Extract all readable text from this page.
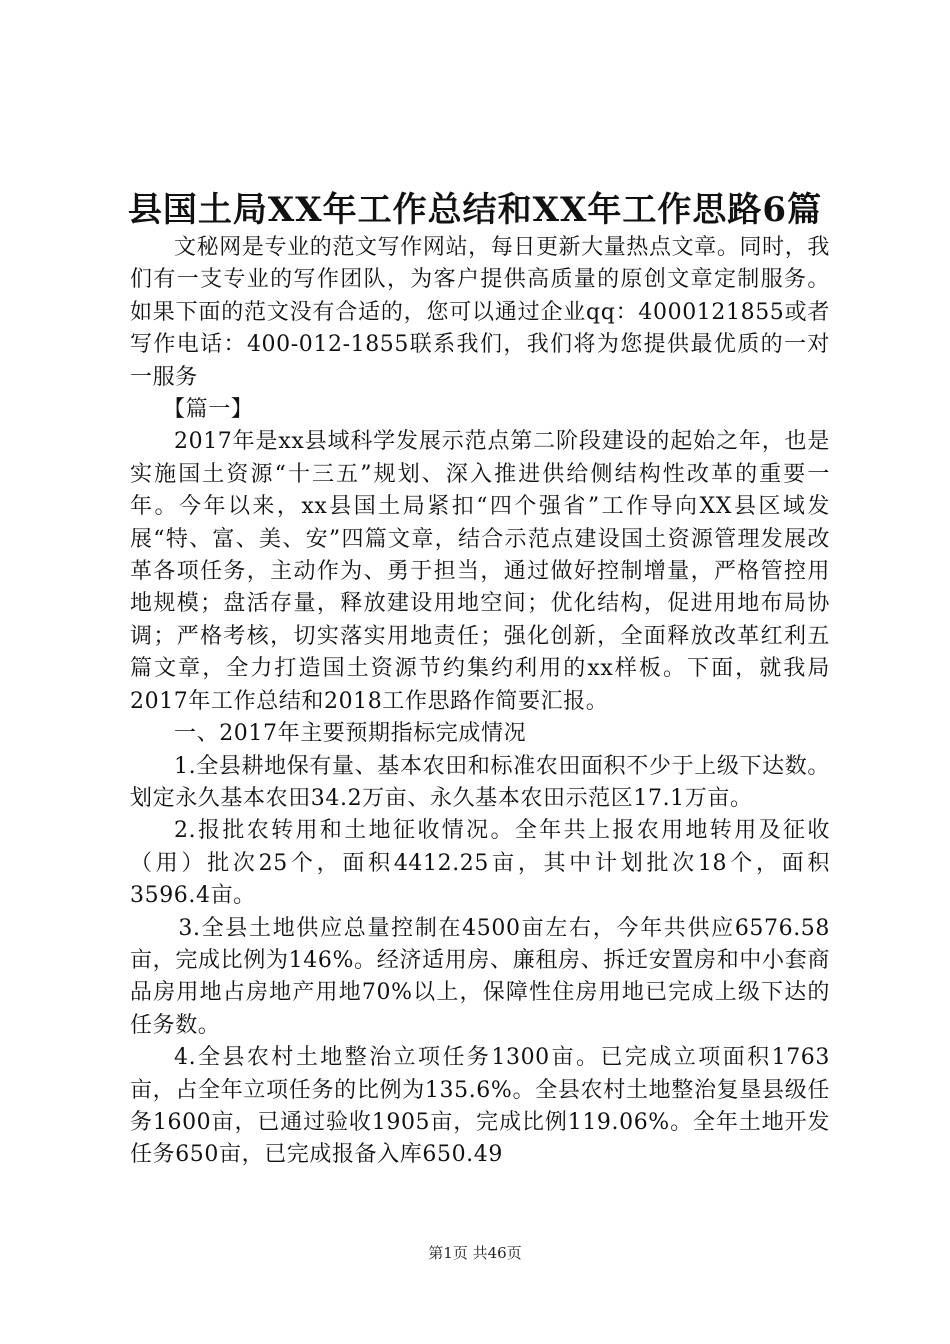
县国土局XX年工作总结和XX年工作思路6篇

文秘网是专业的范文写作网站，每日更新大量热点文章。同时，我们有一支专业的写作团队，为客户提供高质量的原创文章定制服务。如果下面的范文没有合适的，您可以通过企业qq：4000121855或者写作电话：400-012-1855联系我们，我们将为您提供最优质的一对一服务

【篇一】

2017年是xx县域科学发展示范点第二阶段建设的起始之年，也是实施国土资源“十三五”规划、深入推进供给侧结构性改革的重要一年。今年以来，xx县国土局紧扣“四个强省”工作导向XX县区域发展“特、富、美、安”四篇文章，结合示范点建设国土资源管理发展改革各项任务，主动作为、勇于担当，通过做好控制增量，严格管控用地规模；盘活存量，释放建设用地空间；优化结构，促进用地布局协调；严格考核，切实落实用地责任；强化创新，全面释放改革红利五篇文章，全力打造国土资源节约集约利用的xx样板。下面，就我局2017年工作总结和2018工作思路作简要汇报。

一、2017年主要预期指标完成情况

1.全县耕地保有量、基本农田和标准农田面积不少于上级下达数。划定永久基本农田34.2万亩、永久基本农田示范区17.1万亩。

2.报批农转用和土地征收情况。全年共上报农用地转用及征收（用）批次25个，面积4412.25亩，其中计划批次18个，面积3596.4亩。

3.全县土地供应总量控制在4500亩左右，今年共供应6576.58亩，完成比例为146%。经济适用房、廉租房、拆迁安置房和中小套商品房用地占房地产用地70%以上，保障性住房用地已完成上级下达的任务数。

4.全县农村土地整治立项任务1300亩。已完成立项面积1763亩，占全年立项任务的比例为135.6%。全县农村土地整治复垦县级任务1600亩，已通过验收1905亩，完成比例119.06%。全年土地开发任务650亩，已完成报备入库650.49

第1页 共46页
